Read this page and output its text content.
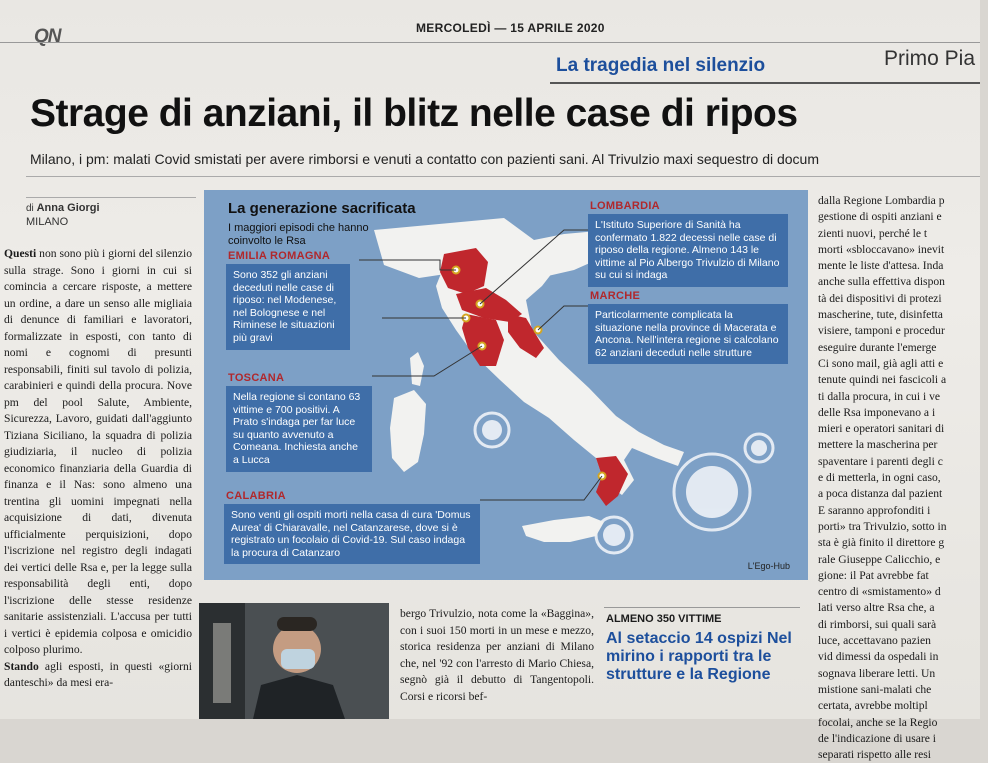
QN	MERCOLEDÌ — 15 APRILE 2020
La tragedia nel silenzio	Primo Pia
Strage di anziani, il blitz nelle case di ripos
Milano, i pm: malati Covid smistati per avere rimborsi e venuti a contatto con pazienti sani. Al Trivulzio maxi sequestro di docum
di Anna Giorgi
MILANO

Questi non sono più i giorni del silenzio sulla strage. Sono i giorni in cui si comincia a cercare risposte, a mettere un ordine, a dare un senso alle migliaia di denunce di familiari e lavoratori, formalizzate in esposti, con tanto di nomi e cognomi di presunti responsabili, finiti sul tavolo di polizia, carabinieri e quindi della procura. Nove pm del pool Salute, Ambiente, Sicurezza, Lavoro, guidati dall'aggiunto Tiziana Siciliano, la squadra di polizia giudiziaria, il nucleo di polizia economico finanziaria della Guardia di finanza e il Nas: sono almeno una trentina gli uomini impegnati nella acquisizione di dati, divenuta ufficialmente perquisizioni, dopo l'iscrizione nel registro degli indagati dei vertici delle Rsa e, per la legge sulla responsabilità degli enti, dopo l'iscrizione delle stesse residenze sanitarie assistenziali. L'accusa per tutti i vertici è epidemia colposa e omicidio colposo plurimo.

Stando agli esposti, in questi «giorni danteschi» da mesi era-

dalla Regione Lombardia p

gestione di ospiti anziani e

zienti nuovi, perché le t

morti «sbloccavano» inevit

mente le liste d'attesa. Inda

anche sulla effettiva dispon

tà dei dispositivi di protezi

mascherine, tute, disinfetta

visiere, tamponi e procedur

eseguire durante l'emerge

Ci sono mail, già agli atti e

tenute quindi nei fascicoli a

ti dalla procura, in cui i ve

delle Rsa imponevano a i

mieri e operatori sanitari di

mettere la mascherina per

spaventare i parenti degli c

e di metterla, in ogni caso,

a poca distanza dal pazient

E saranno approfonditi i

porti» tra Trivulzio, sotto in

sta è già finito il direttore g

rale Giuseppe Calicchio, e

gione: il Pat avrebbe fat

centro di «smistamento» d

lati verso altre Rsa che, a

di rimborsi, sui quali sarà

luce, accettavano pazien

vid dimessi da ospedali in

sognava liberare letti. Un

mistione sani-malati che

certata, avrebbe moltipl

focolai, anche se la Regio

de l'indicazione di usare i

separati rispetto alle resi

La generazione sacrificata
I maggiori episodi che hanno coinvolto le Rsa
LOMBARDIA
L'Istituto Superiore di Sanità ha confermato 1.822 decessi nelle case di riposo della regione. Almeno 143 le vittime al Pio Albergo Trivulzio di Milano su cui si indaga
EMILIA ROMAGNA
Sono 352 gli anziani deceduti nelle case di riposo: nel Modenese, nel Bolognese e nel Riminese le situazioni più gravi
MARCHE
Particolarmente complicata la situazione nella province di Macerata e Ancona. Nell'intera regione si calcolano 62 anziani deceduti nelle strutture
TOSCANA
Nella regione si contano 63 vittime e 700 positivi. A Prato s'indaga per far luce su quanto avvenuto a Comeana. Inchiesta anche a Lucca
CALABRIA
Sono venti gli ospiti morti nella casa di cura 'Domus Aurea' di Chiaravalle, nel Catanzarese, dove si è registrato un focolaio di Covid-19. Sul caso indaga la procura di Catanzaro
L'Ego-Hub

bergo Trivulzio, nota come la «Baggina», con i suoi 150 morti in un mese e mezzo, storica residenza per anziani di Milano che, nel '92 con l'arresto di Mario Chiesa, segnò già il debutto di Tangentopoli. Corsi e ricorsi bef-

ALMENO 350 VITTIME
Al setaccio 14 ospizi Nel mirino i rapporti tra le strutture e la Regione
